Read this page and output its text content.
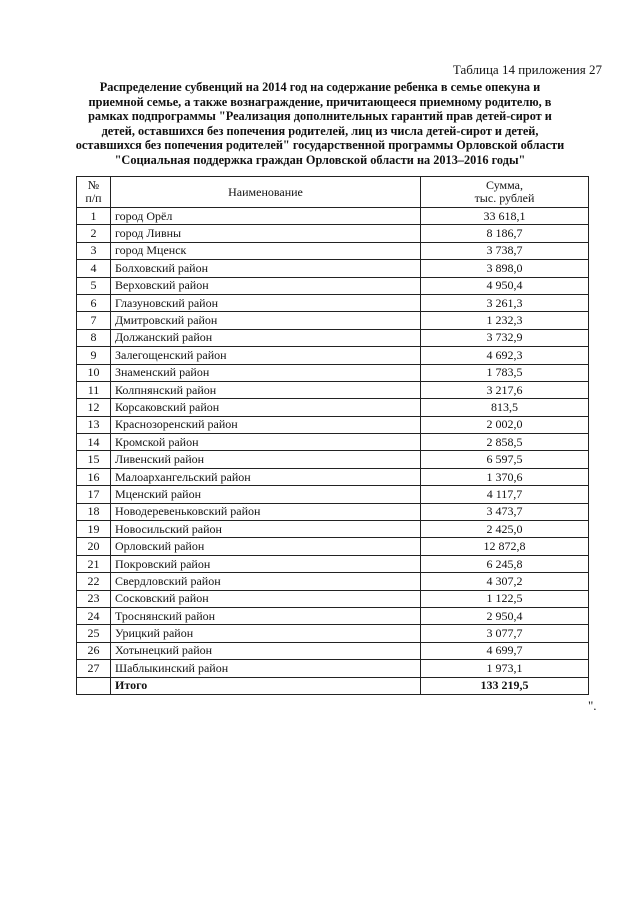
Таблица 14 приложения 27
Распределение субвенций на 2014 год на содержание ребенка в семье опекуна и
приемной семье, а также вознаграждение, причитающееся приемному родителю, в
рамках подпрограммы "Реализация дополнительных гарантий прав детей-сирот и
детей, оставшихся без попечения родителей, лиц из числа детей-сирот и детей,
оставшихся без попечения родителей" государственной программы Орловской области
"Социальная поддержка граждан Орловской области на 2013–2016 годы"
№
п/п	Наименование	Сумма,
тыс. рублей
1	город Орёл	33 618,1
2	город Ливны	8 186,7
3	город Мценск	3 738,7
4	Болховский район	3 898,0
5	Верховский район	4 950,4
6	Глазуновский район	3 261,3
7	Дмитровский район	1 232,3
8	Должанский район	3 732,9
9	Залегощенский район	4 692,3
10	Знаменский район	1 783,5
11	Колпнянский район	3 217,6
12	Корсаковский район	813,5
13	Краснозоренский район	2 002,0
14	Кромской район	2 858,5
15	Ливенский район	6 597,5
16	Малоархангельский район	1 370,6
17	Мценский район	4 117,7
18	Новодеревеньковский район	3 473,7
19	Новосильский район	2 425,0
20	Орловский район	12 872,8
21	Покровский район	6 245,8
22	Свердловский район	4 307,2
23	Сосковский район	1 122,5
24	Троснянский район	2 950,4
25	Урицкий район	3 077,7
26	Хотынецкий район	4 699,7
27	Шаблыкинский район	1 973,1
	Итого	133 219,5
".
